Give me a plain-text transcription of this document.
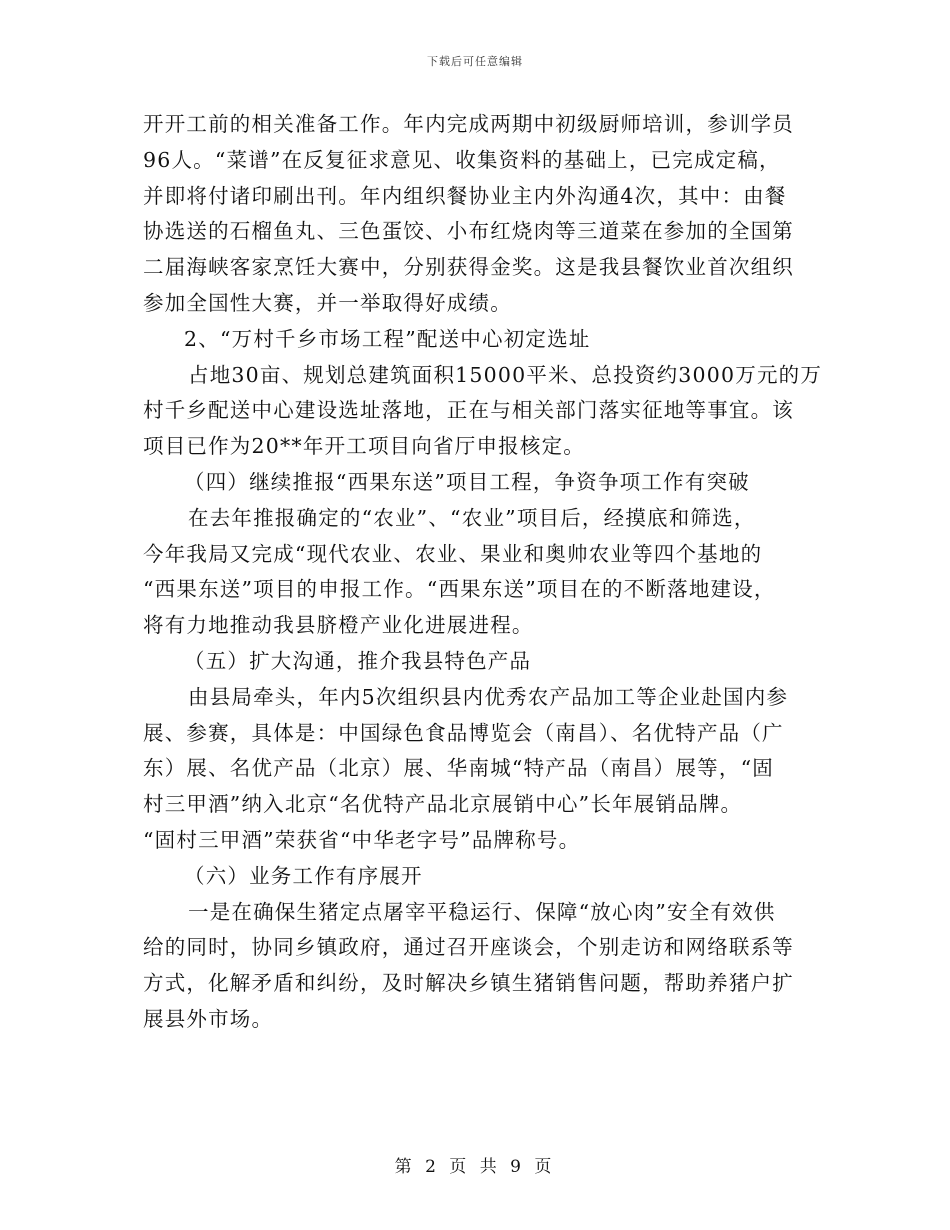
下载后可任意编辑
开开工前的相关准备工作。年内完成两期中初级厨师培训，参训学员
96人。“菜谱”在反复征求意见、收集资料的基础上，已完成定稿，
并即将付诸印刷出刊。年内组织餐协业主内外沟通4次，其中：由餐
协选送的石榴鱼丸、三色蛋饺、小布红烧肉等三道菜在参加的全国第
二届海峡客家烹饪大赛中，分别获得金奖。这是我县餐饮业首次组织
参加全国性大赛，并一举取得好成绩。
2、“万村千乡市场工程”配送中心初定选址
占地30亩、规划总建筑面积15000平米、总投资约3000万元的万
村千乡配送中心建设选址落地，正在与相关部门落实征地等事宜。该
项目已作为20**年开工项目向省厅申报核定。
（四）继续推报“西果东送”项目工程，争资争项工作有突破
在去年推报确定的“农业”、“农业”项目后，经摸底和筛选，
今年我局又完成“现代农业、农业、果业和奥帅农业等四个基地的
“西果东送”项目的申报工作。“西果东送”项目在的不断落地建设，
将有力地推动我县脐橙产业化进展进程。
（五）扩大沟通，推介我县特色产品
由县局牵头，年内5次组织县内优秀农产品加工等企业赴国内参
展、参赛，具体是：中国绿色食品博览会（南昌）、名优特产品（广
东）展、名优产品（北京）展、华南城“特产品（南昌）展等，“固
村三甲酒”纳入北京“名优特产品北京展销中心”长年展销品牌。
“固村三甲酒”荣获省“中华老字号”品牌称号。
（六）业务工作有序展开
一是在确保生猪定点屠宰平稳运行、保障“放心肉”安全有效供
给的同时，协同乡镇政府，通过召开座谈会，个别走访和网络联系等
方式，化解矛盾和纠纷，及时解决乡镇生猪销售问题，帮助养猪户扩
展县外市场。
第 2 页 共 9 页
